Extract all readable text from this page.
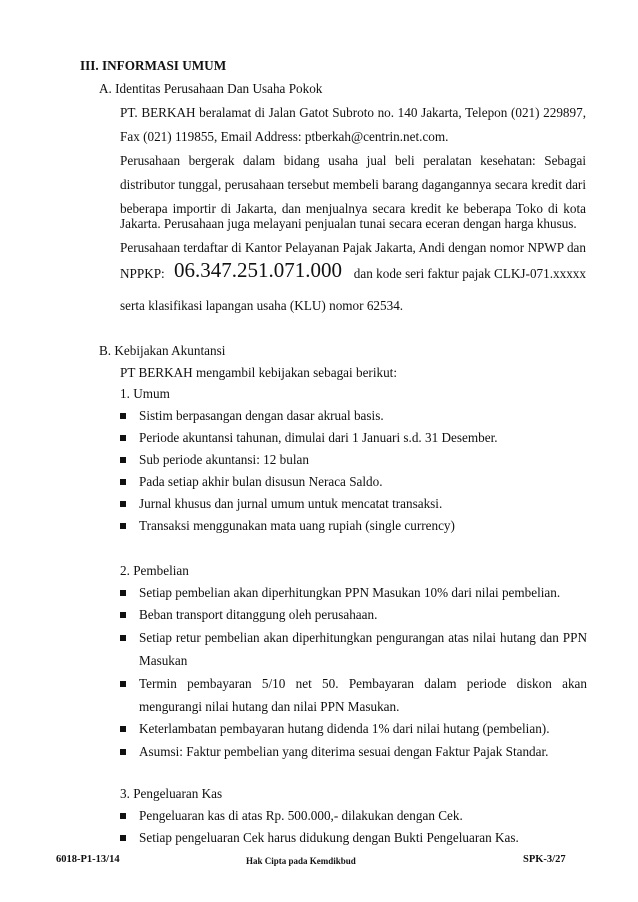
III. INFORMASI UMUM
A. Identitas Perusahaan Dan Usaha Pokok
PT. BERKAH beralamat di Jalan Gatot Subroto no. 140 Jakarta, Telepon (021) 229897,
Fax (021) 119855, Email Address: ptberkah@centrin.net.com.
Perusahaan bergerak dalam bidang usaha jual beli peralatan kesehatan: Sebagai
distributor tunggal, perusahaan tersebut membeli barang dagangannya secara kredit dari
beberapa importir di Jakarta, dan menjualnya secara kredit ke beberapa Toko di kota
Jakarta. Perusahaan juga melayani penjualan tunai secara eceran dengan harga khusus.
Perusahaan terdaftar di Kantor Pelayanan Pajak Jakarta, Andi dengan nomor NPWP dan
NPPKP: 06.347.251.071.000 dan kode seri faktur pajak CLKJ-071.xxxxx
serta klasifikasi lapangan usaha (KLU) nomor 62534.
B. Kebijakan Akuntansi
PT BERKAH mengambil kebijakan sebagai berikut:
1. Umum
Sistim berpasangan dengan dasar akrual basis.
Periode akuntansi tahunan, dimulai dari 1 Januari s.d. 31 Desember.
Sub periode akuntansi: 12 bulan
Pada setiap akhir bulan disusun Neraca Saldo.
Jurnal khusus dan jurnal umum untuk mencatat transaksi.
Transaksi menggunakan mata uang rupiah (single currency)
2. Pembelian
Setiap pembelian akan diperhitungkan PPN Masukan 10% dari nilai pembelian.
Beban transport ditanggung oleh perusahaan.
Setiap retur pembelian akan diperhitungkan pengurangan atas nilai hutang dan PPN
Masukan
Termin pembayaran 5/10 net 50. Pembayaran dalam periode diskon akan
mengurangi nilai hutang dan nilai PPN Masukan.
Keterlambatan pembayaran hutang didenda 1% dari nilai hutang (pembelian).
Asumsi: Faktur pembelian yang diterima sesuai dengan Faktur Pajak Standar.
3. Pengeluaran Kas
Pengeluaran kas di atas Rp. 500.000,- dilakukan dengan Cek.
Setiap pengeluaran Cek harus didukung dengan Bukti Pengeluaran Kas.
6018-P1-13/14	Hak Cipta pada Kemdikbud	SPK-3/27
